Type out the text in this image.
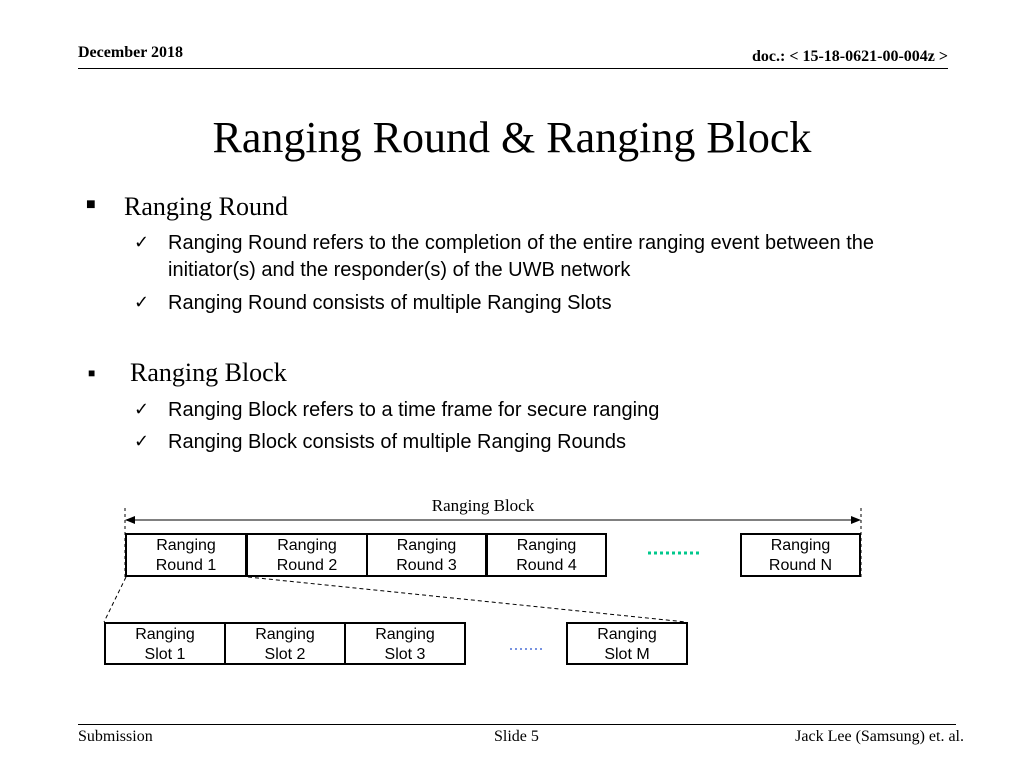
December 2018	doc.: < 15-18-0621-00-004z >
Ranging Round & Ranging Block
■ Ranging Round
✓ Ranging Round refers to the completion of the entire ranging event between the initiator(s) and the responder(s) of the UWB network
✓ Ranging Round consists of multiple Ranging Slots
■ Ranging Block
✓ Ranging Block refers to a time frame for secure ranging
✓ Ranging Block consists of multiple Ranging Rounds
Ranging Block
Ranging
Round 1
Ranging
Round 2
Ranging
Round 3
Ranging
Round 4
Ranging
Round N
Ranging
Slot 1
Ranging
Slot 2
Ranging
Slot 3
Ranging
Slot M
Submission	Slide 5	Jack Lee (Samsung) et. al.
